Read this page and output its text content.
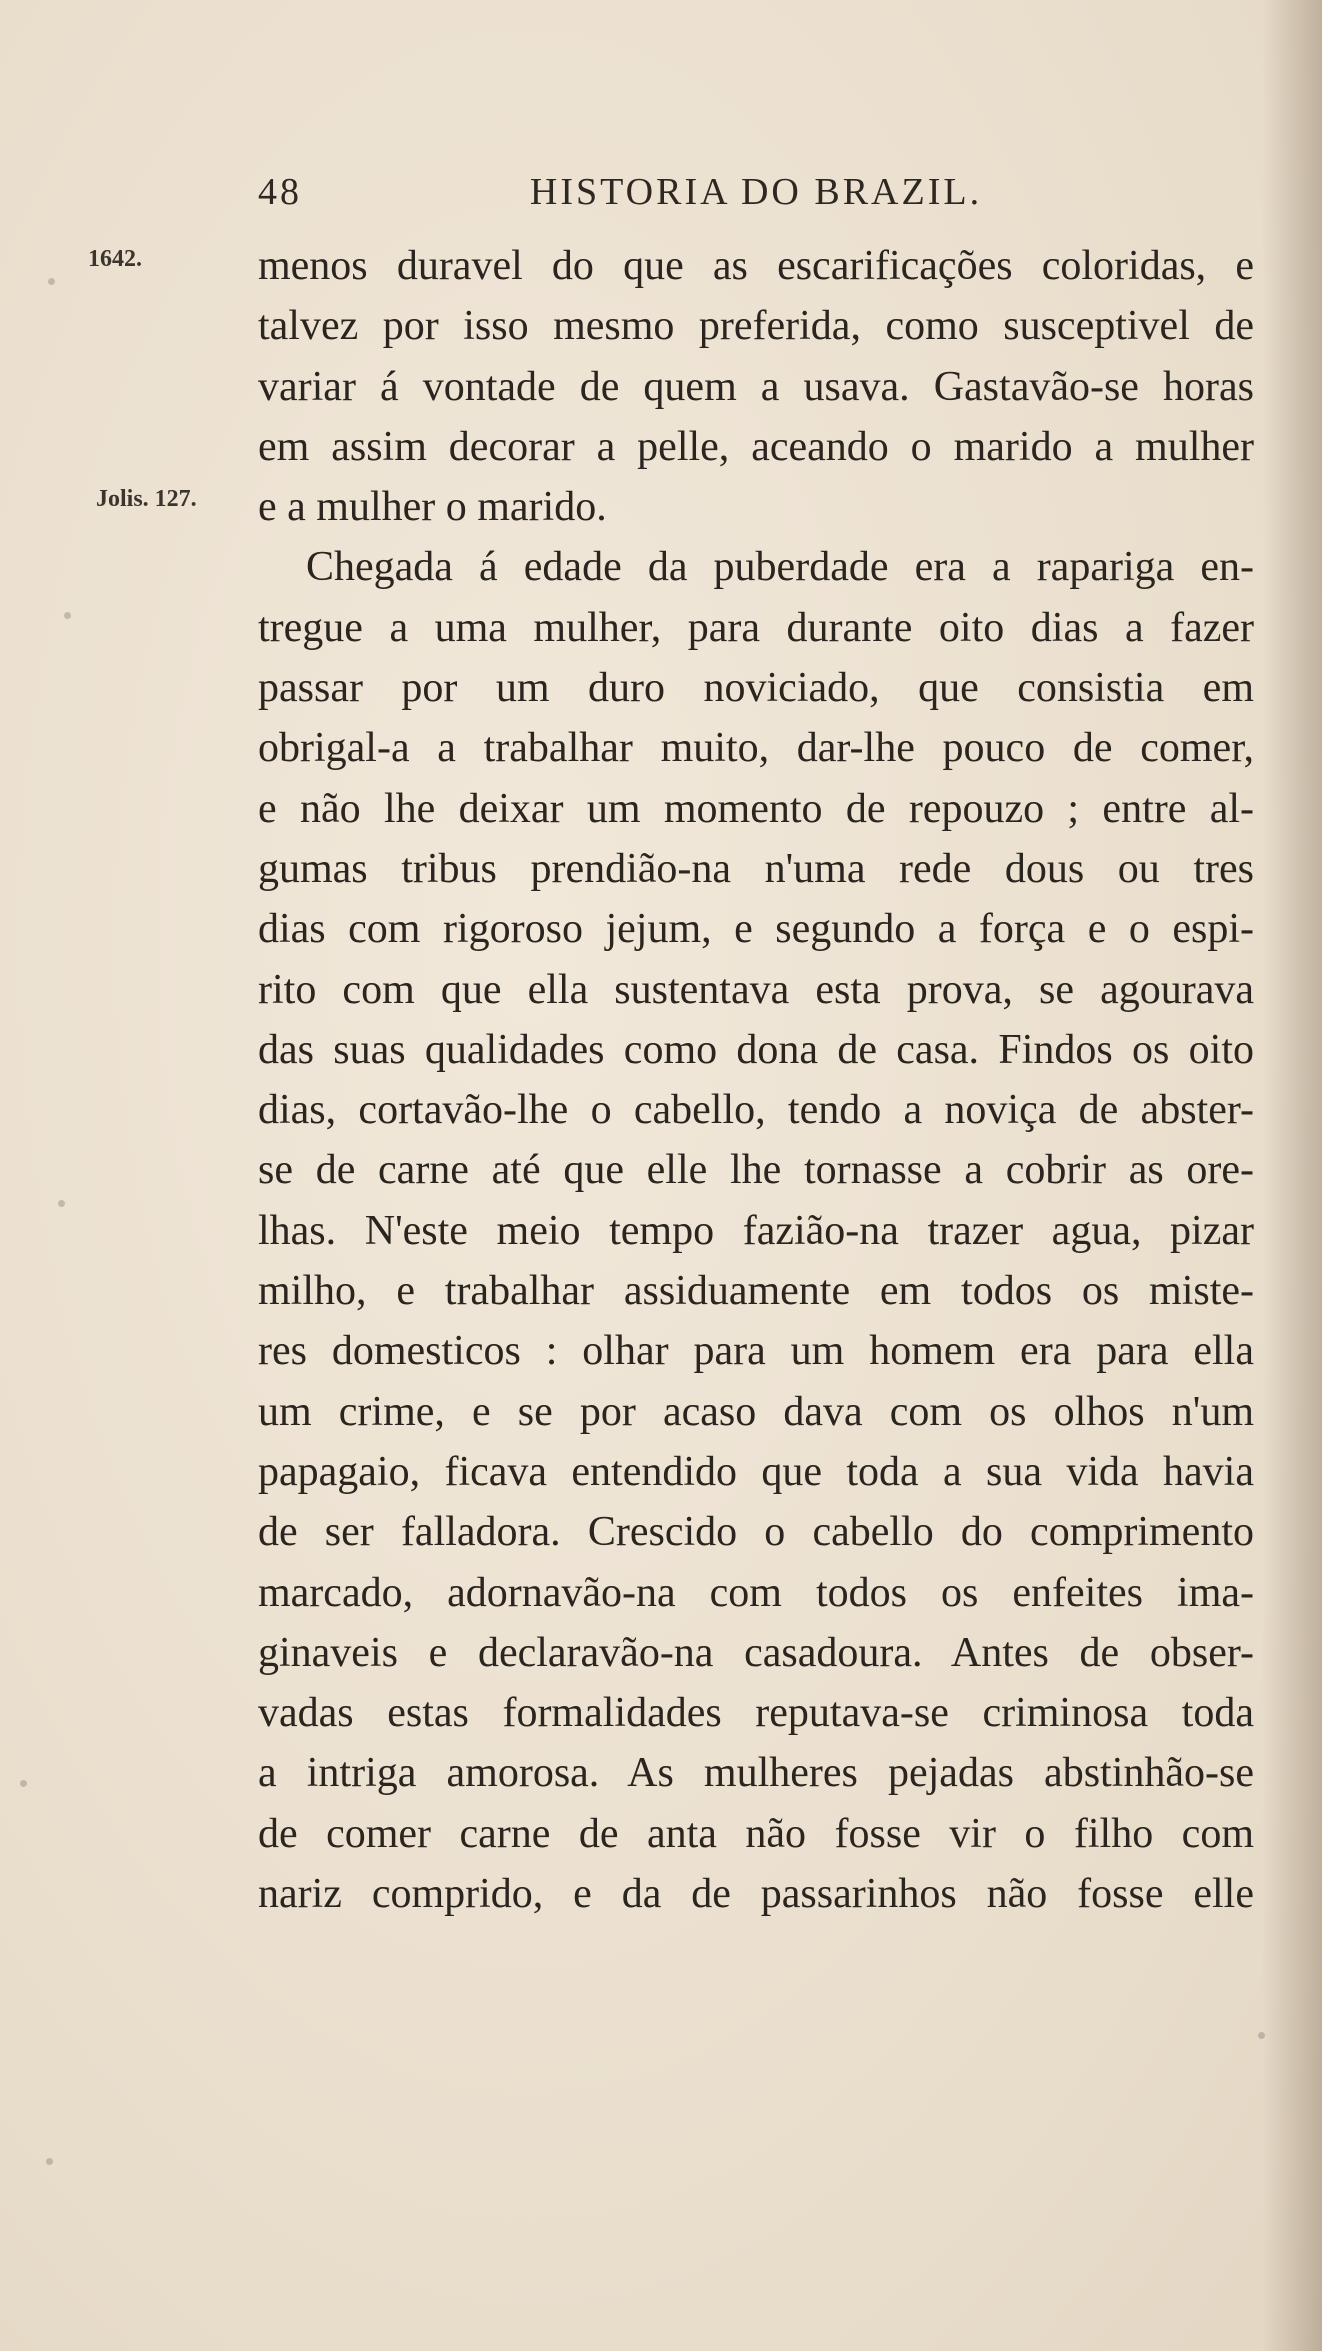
48	HISTORIA DO BRAZIL.
1642.
Jolis. 127.
menos duravel do que as escarificações coloridas, e
talvez por isso mesmo preferida, como susceptivel de
variar á vontade de quem a usava. Gastavão-se horas
em assim decorar a pelle, aceando o marido a mulher
e a mulher o marido.
Chegada á edade da puberdade era a rapariga en-
tregue a uma mulher, para durante oito dias a fazer
passar por um duro noviciado, que consistia em
obrigal-a a trabalhar muito, dar-lhe pouco de comer,
e não lhe deixar um momento de repouzo ; entre al-
gumas tribus prendião-na n'uma rede dous ou tres
dias com rigoroso jejum, e segundo a força e o espi-
rito com que ella sustentava esta prova, se agourava
das suas qualidades como dona de casa. Findos os oito
dias, cortavão-lhe o cabello, tendo a noviça de abster-
se de carne até que elle lhe tornasse a cobrir as ore-
lhas. N'este meio tempo fazião-na trazer agua, pizar
milho, e trabalhar assiduamente em todos os miste-
res domesticos : olhar para um homem era para ella
um crime, e se por acaso dava com os olhos n'um
papagaio, ficava entendido que toda a sua vida havia
de ser falladora. Crescido o cabello do comprimento
marcado, adornavão-na com todos os enfeites ima-
ginaveis e declaravão-na casadoura. Antes de obser-
vadas estas formalidades reputava-se criminosa toda
a intriga amorosa. As mulheres pejadas abstinhão-se
de comer carne de anta não fosse vir o filho com
nariz comprido, e da de passarinhos não fosse elle
